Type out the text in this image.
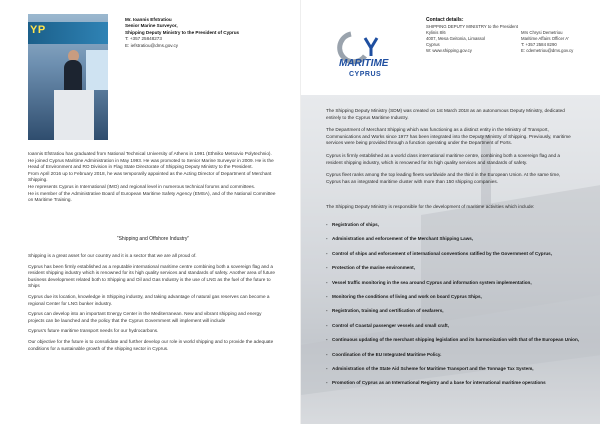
YP
Mr. Ioannis Efstratiou
Senior Marine Surveyor,
Shipping Deputy Ministry to the President of Cyprus
T: +357 25848273
E: iefstratiou@dms.gov.cy

Ioannis Efstratiou has graduated from National Technical University of Athens in 1991 (Ethniko Metsovio Polytechnio). He joined Cyprus Maritime Administration in May 1993. He was promoted to Senior Marine Surveyor in 2009. He is the Head of Environment and RO Division in Flag State Directorate of Shipping Deputy Ministry to the President.

From April 2016 up to February 2018, he was temporarily appointed as the Acting Director of Department of Merchant Shipping.

He represents Cyprus in International (IMO) and regional level in numerous technical forums and committees.

He is member of the Administrative Board of European Maritime Safety Agency (EMSA), and of the National Committee on Maritime Training.

“Shipping and Offshore Industry”

Shipping is a great asset for our country and it is a sector that we are all proud of.

Cyprus has been firmly established as a reputable international maritime centre combining both a sovereign flag and a resident shipping industry which is renowned for its high quality services and standards of safety. Another area of future business development related both to Shipping and Oil and Gas Industry is the use of LNG as the fuel of the future to Ships

Cyprus due its location, knowledge in Shipping industry, and taking advantage of natural gas reserves can become a regional Center for LNG bunker industry.

Cyprus can develop into an important Energy Center in the Mediterranean. New and vibrant shipping and energy projects can be launched and the policy that the Cyprus Government will implement will include

Cyprus’s future maritime transport needs for our hydrocarbons.

Our objective for the future is to consolidate and further develop our role in world shipping and to provide the adequate conditions for a sustainable growth of the shipping sector in Cyprus.

MARITIME
CYPRUS
Contact details:
SHIPPING DEPUTY MINISTRY to the President
Kylinis 8/6
4007, Mesa Geitonia, Limassol
Cyprus
W: www.shipping.gov.cy

Mrs Chrysi Demetriou
Maritime Affairs Officer A'
T: +357 2584 8290
E: cdemetriou@dms.gov.cy

The Shipping Deputy Ministry (SDM) was created on 1st March 2018 as an autonomous Deputy Ministry, dedicated entirely to the Cyprus Maritime Industry.

The Department of Merchant Shipping which was functioning as a distinct entity in the Ministry of Transport, Communications and Works since 1977 has been integrated into the Deputy Ministry of Shipping. Previously, maritime services were being provided through a function operating under the Department of Ports.

Cyprus is firmly established as a world class international maritime centre, combining both a sovereign flag and a resident shipping industry, which is renowned for its high quality services and standards of safety.

Cyprus fleet ranks among the top leading fleets worldwide and the third in the European Union. At the same time, Cyprus has an integrated maritime cluster with more than 150 shipping companies.

The Shipping Deputy Ministry is responsible for the development of maritime activities which include:
- Registration of ships,
- Administration and enforcement of the Merchant Shipping Laws,
- Control of ships and enforcement of international conventions ratified by the Government of Cyprus,
- Protection of the marine environment,
- Vessel traffic monitoring in the sea around Cyprus and information system implementation,
- Monitoring the conditions of living and work on board Cyprus Ships,
- Registration, training and certification of seafarers,
- Control of Coastal passenger vessels and small craft,
- Continuous updating of the merchant shipping legislation and its harmonization with that of the European Union,
- Coordination of the EU Integrated Maritime Policy.
- Administration of the State Aid Scheme for Maritime Transport and the Tonnage Tax System,
- Promotion of Cyprus as an International Registry and a base for international maritime operations
